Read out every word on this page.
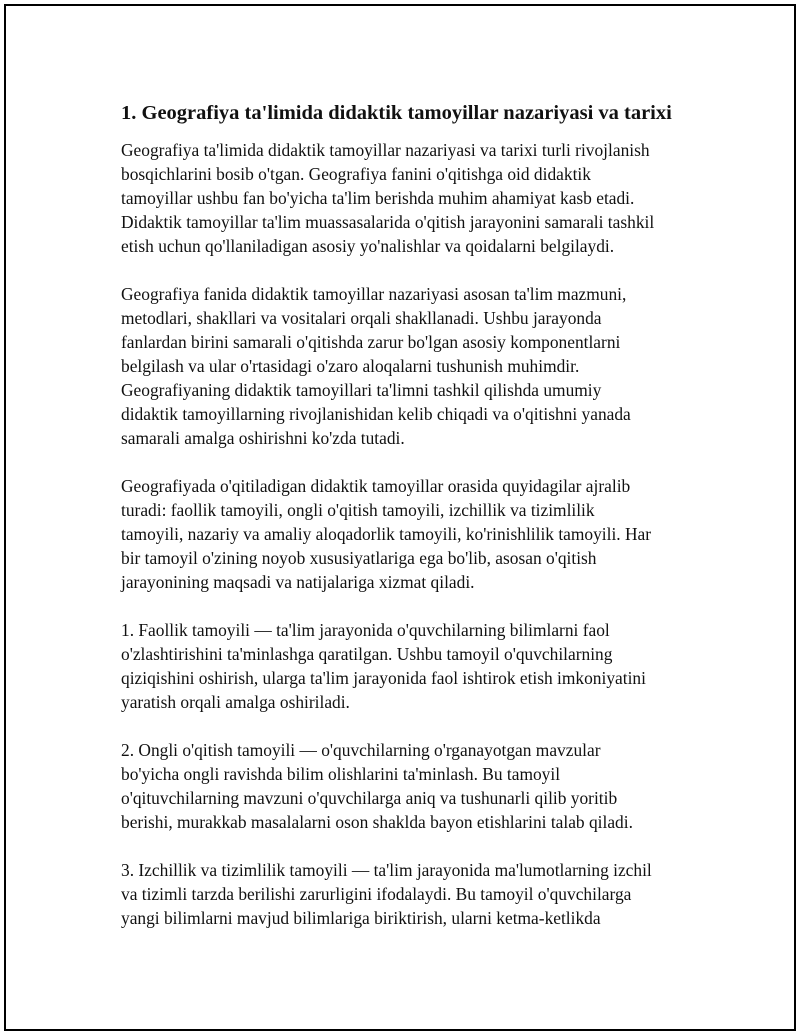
1. Geografiya ta'limida didaktik tamoyillar nazariyasi va tarixi

Geografiya ta'limida didaktik tamoyillar nazariyasi va tarixi turli rivojlanish
bosqichlarini bosib o'tgan. Geografiya fanini o'qitishga oid didaktik
tamoyillar ushbu fan bo'yicha ta'lim berishda muhim ahamiyat kasb etadi.
Didaktik tamoyillar ta'lim muassasalarida o'qitish jarayonini samarali tashkil
etish uchun qo'llaniladigan asosiy yo'nalishlar va qoidalarni belgilaydi.

Geografiya fanida didaktik tamoyillar nazariyasi asosan ta'lim mazmuni,
metodlari, shakllari va vositalari orqali shakllanadi. Ushbu jarayonda
fanlardan birini samarali o'qitishda zarur bo'lgan asosiy komponentlarni
belgilash va ular o'rtasidagi o'zaro aloqalarni tushunish muhimdir.
Geografiyaning didaktik tamoyillari ta'limni tashkil qilishda umumiy
didaktik tamoyillarning rivojlanishidan kelib chiqadi va o'qitishni yanada
samarali amalga oshirishni ko'zda tutadi.

Geografiyada o'qitiladigan didaktik tamoyillar orasida quyidagilar ajralib
turadi: faollik tamoyili, ongli o'qitish tamoyili, izchillik va tizimlilik
tamoyili, nazariy va amaliy aloqadorlik tamoyili, ko'rinishlilik tamoyili. Har
bir tamoyil o'zining noyob xususiyatlariga ega bo'lib, asosan o'qitish
jarayonining maqsadi va natijalariga xizmat qiladi.

1. Faollik tamoyili — ta'lim jarayonida o'quvchilarning bilimlarni faol
o'zlashtirishini ta'minlashga qaratilgan. Ushbu tamoyil o'quvchilarning
qiziqishini oshirish, ularga ta'lim jarayonida faol ishtirok etish imkoniyatini
yaratish orqali amalga oshiriladi.

2. Ongli o'qitish tamoyili — o'quvchilarning o'rganayotgan mavzular
bo'yicha ongli ravishda bilim olishlarini ta'minlash. Bu tamoyil
o'qituvchilarning mavzuni o'quvchilarga aniq va tushunarli qilib yoritib
berishi, murakkab masalalarni oson shaklda bayon etishlarini talab qiladi.

3. Izchillik va tizimlilik tamoyili — ta'lim jarayonida ma'lumotlarning izchil
va tizimli tarzda berilishi zarurligini ifodalaydi. Bu tamoyil o'quvchilarga
yangi bilimlarni mavjud bilimlariga biriktirish, ularni ketma-ketlikda
